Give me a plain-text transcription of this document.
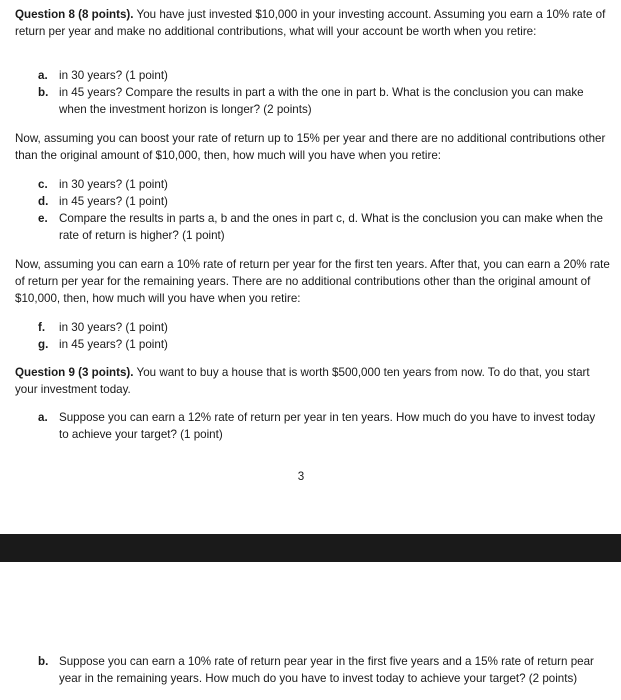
Question 8 (8 points). You have just invested $10,000 in your investing account. Assuming you earn a 10% rate of return per year and make no additional contributions, what will your account be worth when you retire:

a. in 30 years? (1 point)
b. in 45 years? Compare the results in part a with the one in part b. What is the conclusion you can make when the investment horizon is longer? (2 points)

Now, assuming you can boost your rate of return up to 15% per year and there are no additional contributions other than the original amount of $10,000, then, how much will you have when you retire:

c. in 30 years? (1 point)
d. in 45 years? (1 point)
e. Compare the results in parts a, b and the ones in part c, d. What is the conclusion you can make when the rate of return is higher? (1 point)

Now, assuming you can earn a 10% rate of return per year for the first ten years. After that, you can earn a 20% rate of return per year for the remaining years. There are no additional contributions other than the original amount of $10,000, then, how much will you have when you retire:

f.	in 30 years? (1 point)
g. in 45 years? (1 point)

Question 9 (3 points). You want to buy a house that is worth $500,000 ten years from now. To do that, you start your investment today.

a. Suppose you can earn a 12% rate of return per year in ten years. How much do you have to invest today to achieve your target? (1 point)
3
b. Suppose you can earn a 10% rate of return pear year in the first five years and a 15% rate of return pear year in the remaining years. How much do you have to invest today to achieve your target? (2 points)
